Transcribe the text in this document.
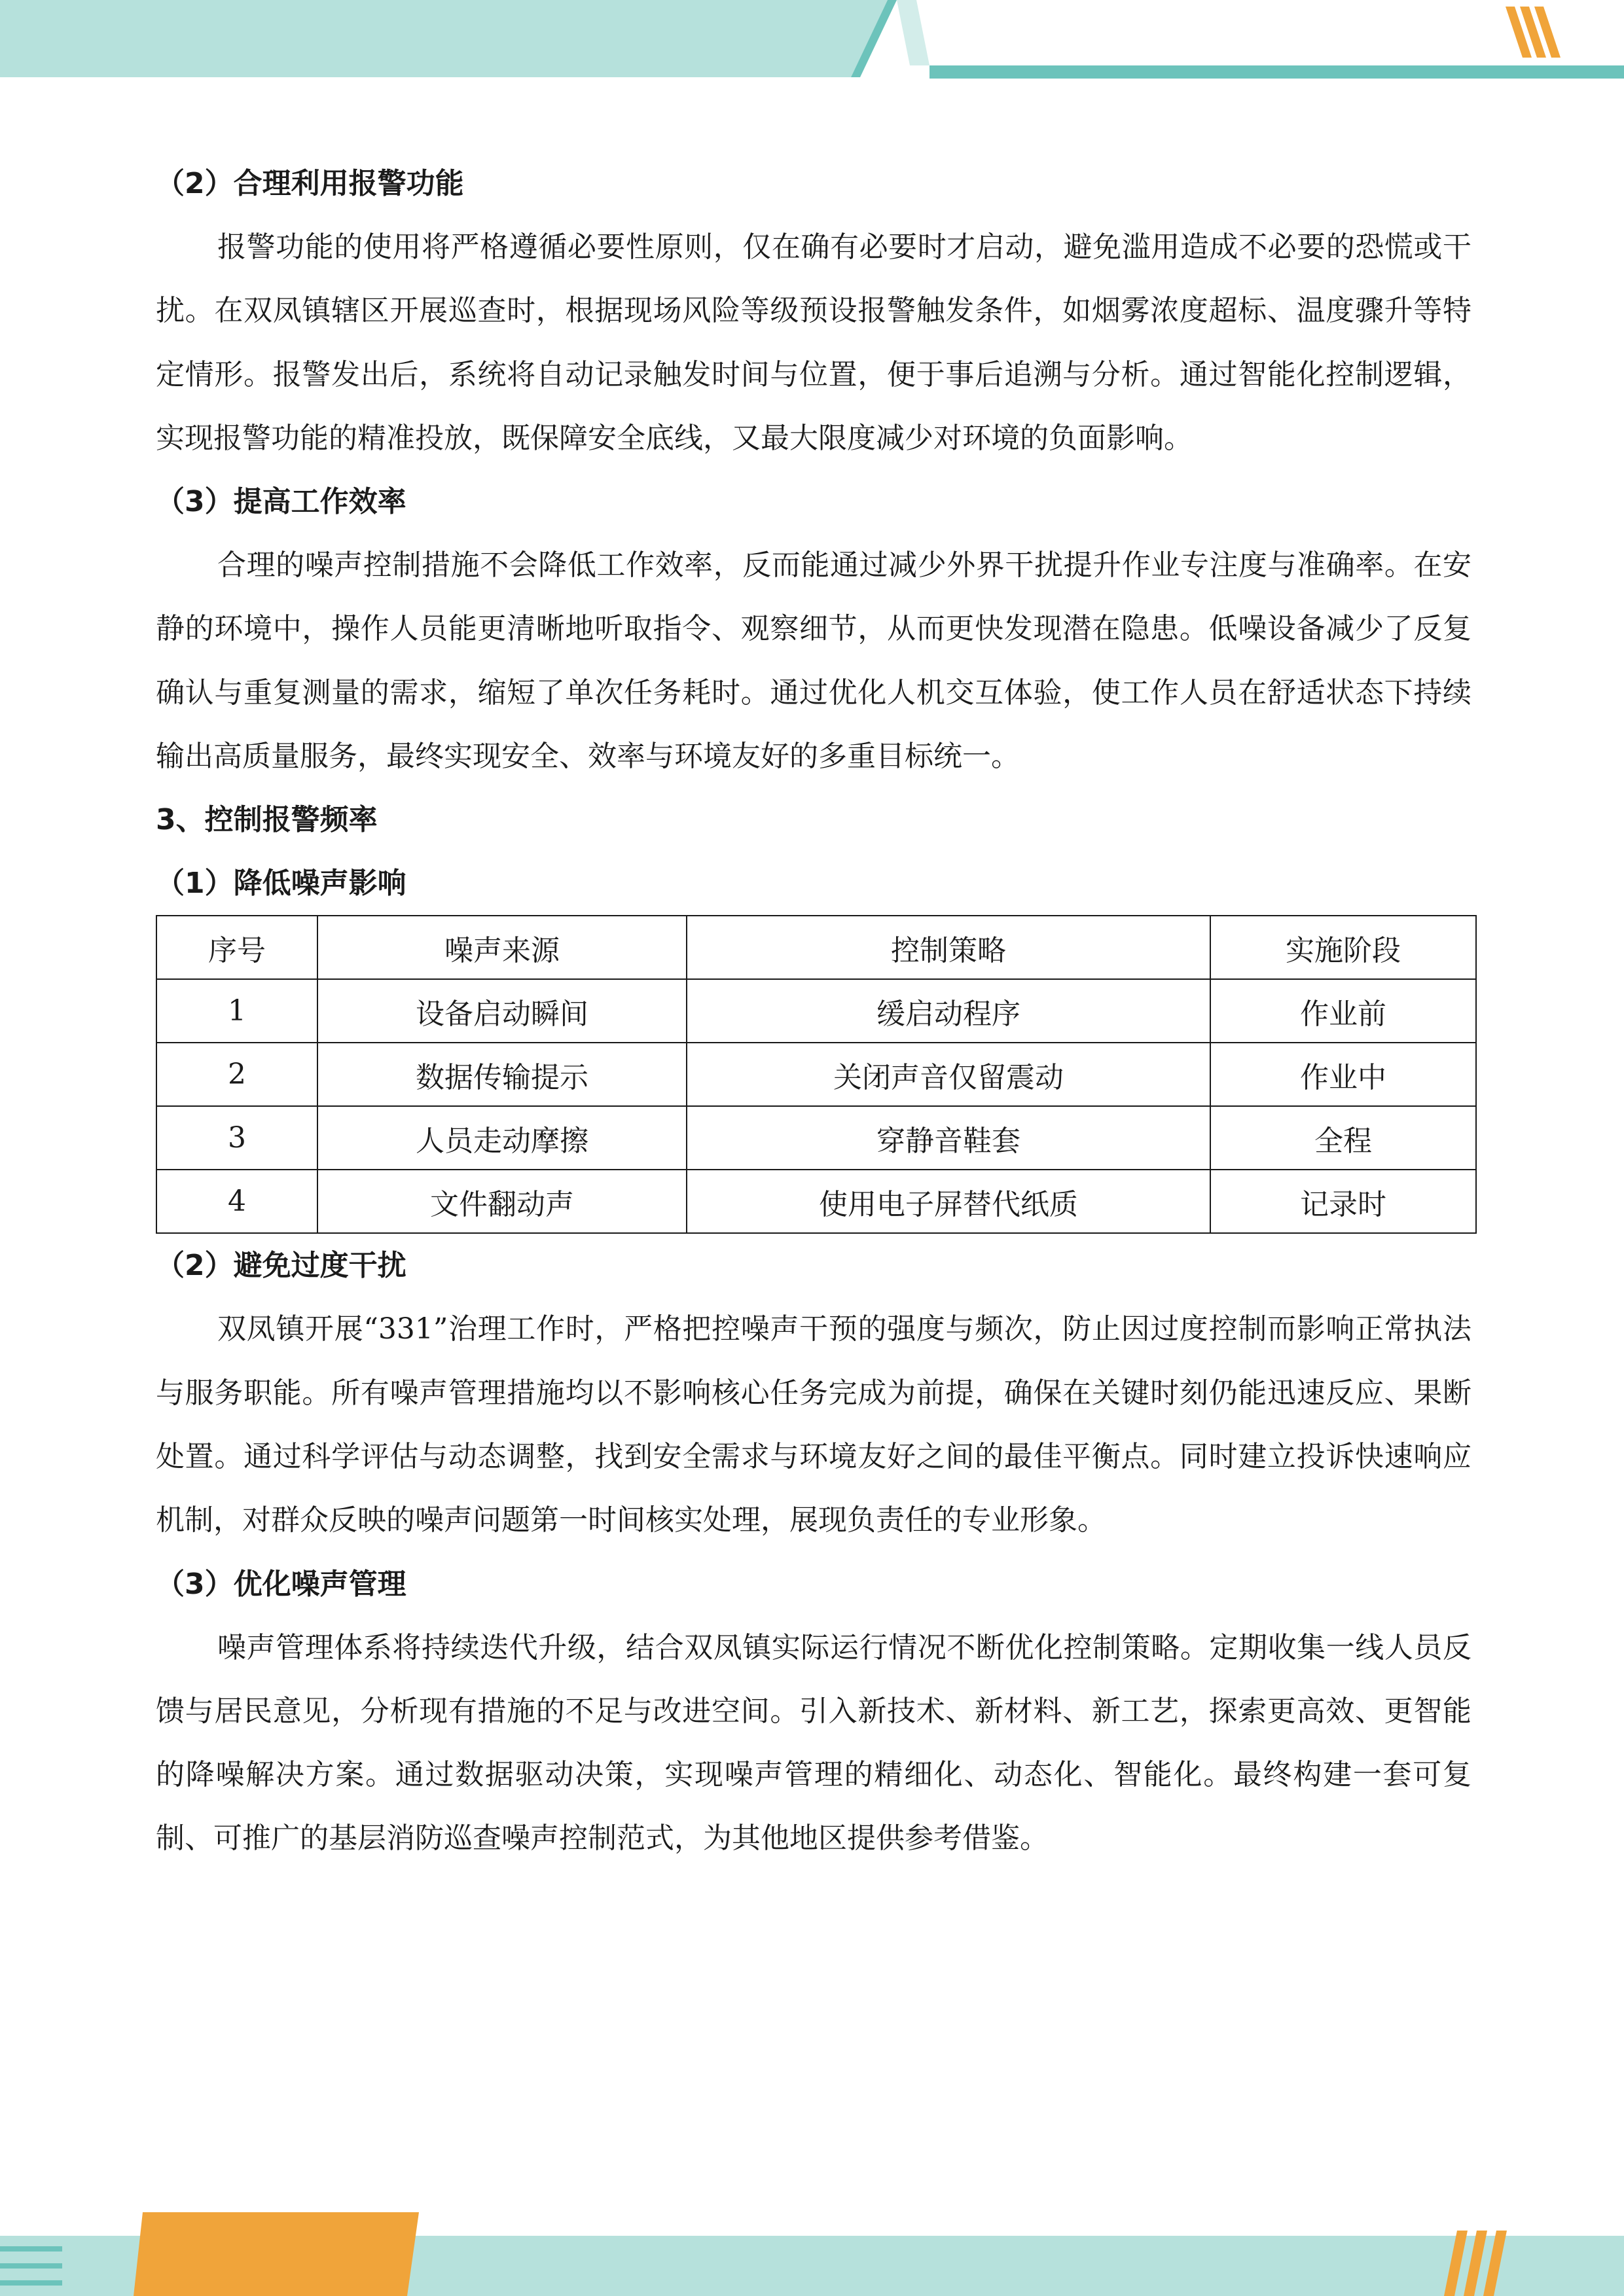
（2）合理利用报警功能

报警功能的使用将严格遵循必要性原则，仅在确有必要时才启动，避免滥用造成不必要的恐慌或干扰。在双凤镇辖区开展巡查时，根据现场风险等级预设报警触发条件，如烟雾浓度超标、温度骤升等特定情形。报警发出后，系统将自动记录触发时间与位置，便于事后追溯与分析。通过智能化控制逻辑，实现报警功能的精准投放，既保障安全底线，又最大限度减少对环境的负面影响。

（3）提高工作效率

合理的噪声控制措施不会降低工作效率，反而能通过减少外界干扰提升作业专注度与准确率。在安静的环境中，操作人员能更清晰地听取指令、观察细节，从而更快发现潜在隐患。低噪设备减少了反复确认与重复测量的需求，缩短了单次任务耗时。通过优化人机交互体验，使工作人员在舒适状态下持续输出高质量服务，最终实现安全、效率与环境友好的多重目标统一。

3、控制报警频率

（1）降低噪声影响

序号	噪声来源	控制策略	实施阶段
1	设备启动瞬间	缓启动程序	作业前
2	数据传输提示	关闭声音仅留震动	作业中
3	人员走动摩擦	穿静音鞋套	全程
4	文件翻动声	使用电子屏替代纸质	记录时

（2）避免过度干扰

双凤镇开展“331”治理工作时，严格把控噪声干预的强度与频次，防止因过度控制而影响正常执法与服务职能。所有噪声管理措施均以不影响核心任务完成为前提，确保在关键时刻仍能迅速反应、果断处置。通过科学评估与动态调整，找到安全需求与环境友好之间的最佳平衡点。同时建立投诉快速响应机制，对群众反映的噪声问题第一时间核实处理，展现负责任的专业形象。

（3）优化噪声管理

噪声管理体系将持续迭代升级，结合双凤镇实际运行情况不断优化控制策略。定期收集一线人员反馈与居民意见，分析现有措施的不足与改进空间。引入新技术、新材料、新工艺，探索更高效、更智能的降噪解决方案。通过数据驱动决策，实现噪声管理的精细化、动态化、智能化。最终构建一套可复制、可推广的基层消防巡查噪声控制范式，为其他地区提供参考借鉴。
